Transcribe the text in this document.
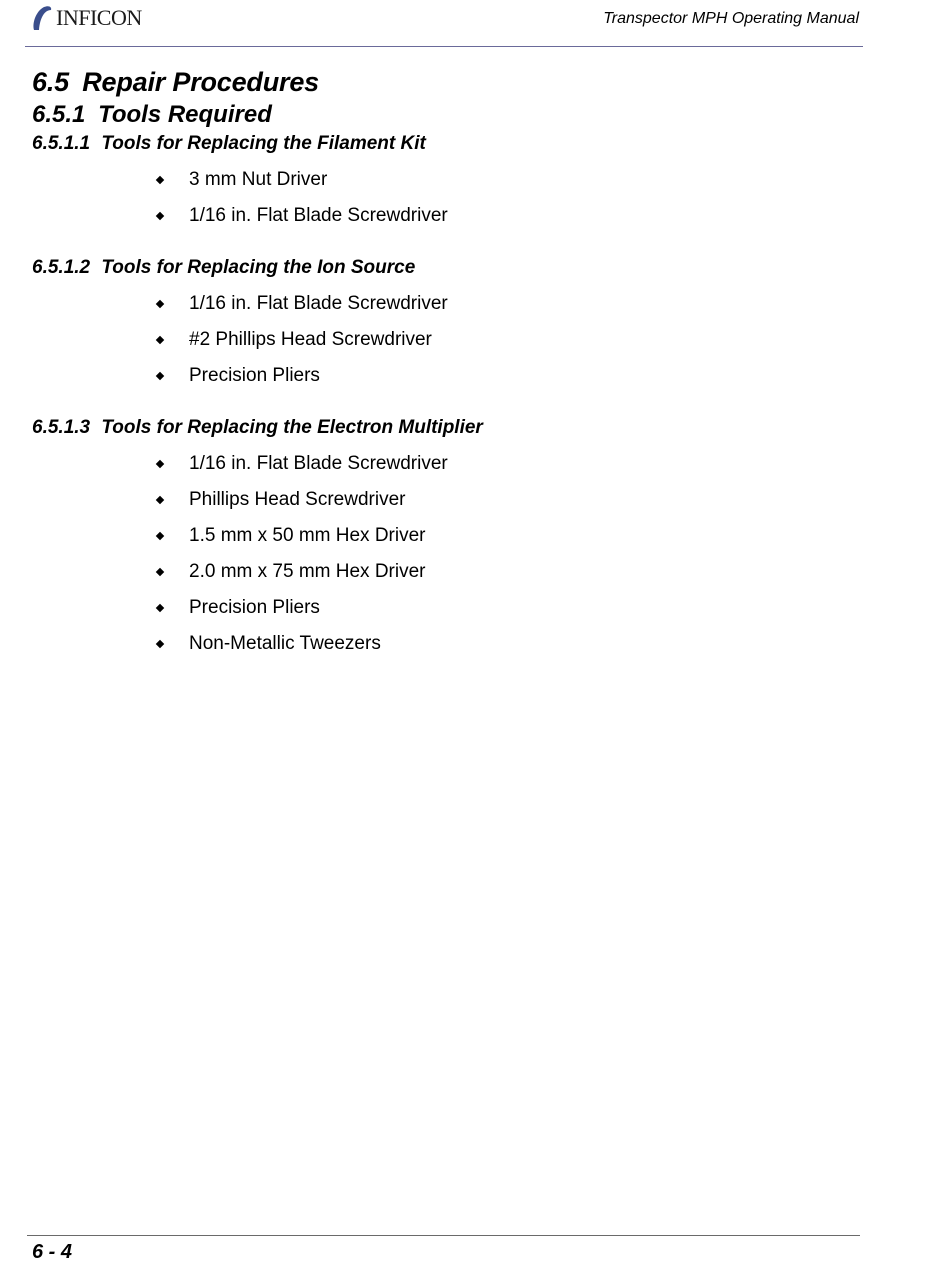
INFICON	Transpector MPH Operating Manual
6.5 Repair Procedures
6.5.1 Tools Required
6.5.1.1 Tools for Replacing the Filament Kit
3 mm Nut Driver
1/16 in. Flat Blade Screwdriver
6.5.1.2 Tools for Replacing the Ion Source
1/16 in. Flat Blade Screwdriver
#2 Phillips Head Screwdriver
Precision Pliers
6.5.1.3 Tools for Replacing the Electron Multiplier
1/16 in. Flat Blade Screwdriver
Phillips Head Screwdriver
1.5 mm x 50 mm Hex Driver
2.0 mm x 75 mm Hex Driver
Precision Pliers
Non-Metallic Tweezers
6 - 4
